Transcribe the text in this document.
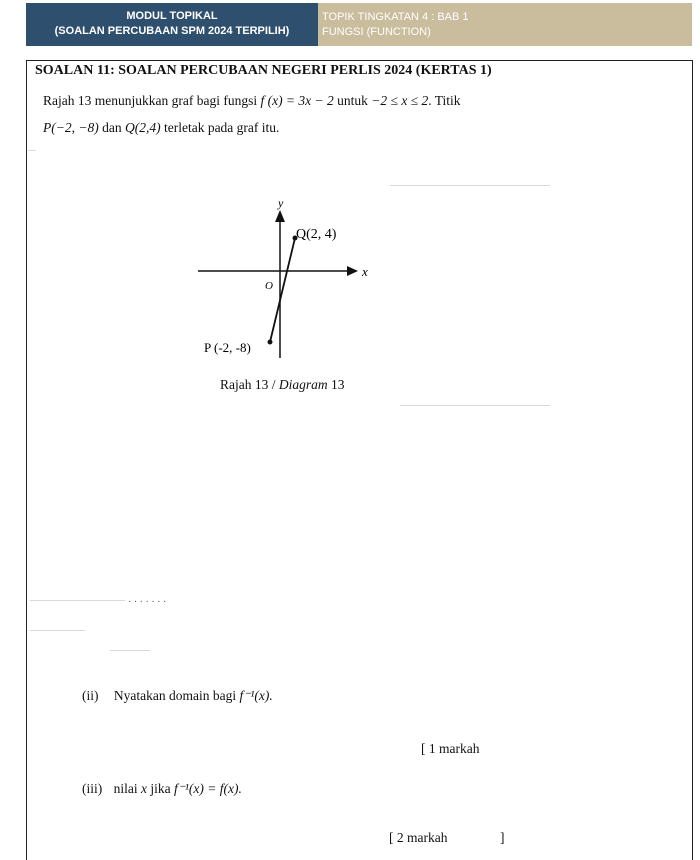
MODUL TOPIKAL
(SOALAN PERCUBAAN SPM 2024 TERPILIH)
TOPIK TINGKATAN 4 : BAB 1
FUNGSI (FUNCTION)
SOALAN 11: SOALAN PERCUBAAN NEGERI PERLIS 2024 (KERTAS 1)
Rajah 13 menunjukkan graf bagi fungsi f (x) = 3x − 2 untuk −2 ≤ x ≤ 2. Titik
P(−2, −8) dan Q(2,4) terletak pada graf itu.
y
x
O
Q(2, 4)
P (-2, -8)
Rajah 13 / Diagram 13
· · · · · · ·
(ii) Nyatakan domain bagi f⁻¹(x).
[ 1 markah
(iii) nilai x jika f⁻¹(x) = f(x).
[ 2 markah	]
